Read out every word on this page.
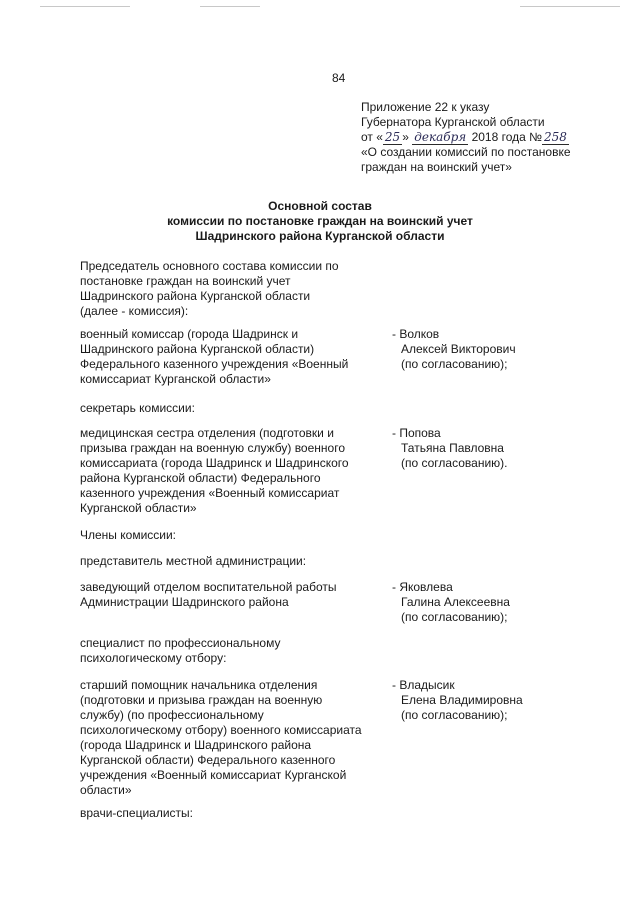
84
Приложение 22 к указу
Губернатора Курганской области
от « 25 » декабря 2018 года № 258
«О создании комиссий по постановке
граждан на воинский учет»
Основной состав
комиссии по постановке граждан на воинский учет
Шадринского района Курганской области
Председатель основного состава комиссии по
постановке граждан на воинский учет
Шадринского района Курганской области
(далее - комиссия):
военный комиссар (города Шадринск и
Шадринского района Курганской области)
Федерального казенного учреждения «Военный
комиссариат Курганской области»
- Волков
Алексей Викторович
(по согласованию);
секретарь комиссии:
медицинская сестра отделения (подготовки и
призыва граждан на военную службу) военного
комиссариата (города Шадринск и Шадринского
района Курганской области) Федерального
казенного учреждения «Военный комиссариат
Курганской области»
- Попова
Татьяна Павловна
(по согласованию).
Члены комиссии:
представитель местной администрации:
заведующий отделом воспитательной работы
Администрации Шадринского района
- Яковлева
Галина Алексеевна
(по согласованию);
специалист по профессиональному
психологическому отбору:
старший помощник начальника отделения
(подготовки и призыва граждан на военную
службу) (по профессиональному
психологическому отбору) военного комиссариата
(города Шадринск и Шадринского района
Курганской области) Федерального казенного
учреждения «Военный комиссариат Курганской
области»
- Владысик
Елена Владимировна
(по согласованию);
врачи-специалисты:
